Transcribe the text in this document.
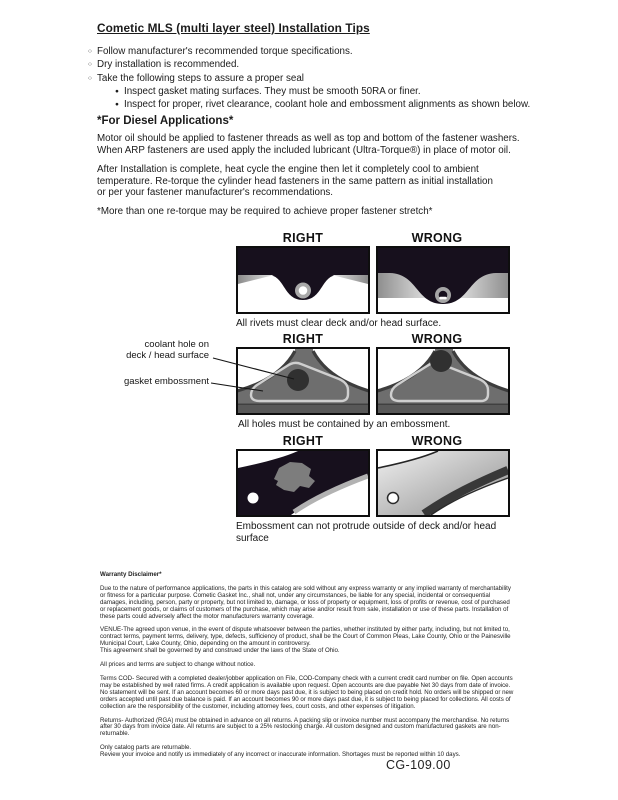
Cometic MLS (multi layer steel) Installation Tips
○ Follow manufacturer's recommended torque specifications.
○ Dry installation is recommended.
○ Take the following steps to assure a proper seal
● Inspect gasket mating surfaces. They must be smooth 50RA or finer.
● Inspect for proper, rivet clearance, coolant hole and embossment alignments as shown below.
*For Diesel Applications*

Motor oil should be applied to fastener threads as well as top and bottom of the fastener washers.

When ARP fasteners are used apply the included lubricant (Ultra-Torque®) in place of motor oil.

After Installation is complete, heat cycle the engine then let it completely cool to ambient

temperature. Re-torque the cylinder head fasteners in the same pattern as initial installation

or per your fastener manufacturer's recommendations.

*More than one re-torque may be required to achieve proper fastener stretch*

RIGHT	WRONG
All rivets must clear deck and/or head surface.
coolant hole on
deck / head surface
gasket embossment
RIGHT	WRONG
All holes must be contained by an embossment.
RIGHT	WRONG
Embossment can not protrude outside of deck and/or head surface
Warranty Disclaimer*

Due to the nature of performance applications, the parts in this catalog are sold without any express warranty or any implied warranty of merchantability or fitness for a particular purpose. Cometic Gasket Inc., shall not, under any circumstances, be liable for any special, incidental or consequential damages, including, person, party or property, but not limited to, damage, or loss of property or equipment, loss of profits or revenue, cost of purchased or replacement goods, or claims of customers of the purchase, which may arise and/or result from sale, installation or use of these parts. Installation of these parts could adversely affect the motor manufacturers warranty coverage.

VENUE-The agreed upon venue, in the event of dispute whatsoever between the parties, whether instituted by either party, including, but not limited to, contract terms, payment terms, delivery, type, defects, sufficiency of product, shall be the Court of Common Pleas, Lake County, Ohio or the Painesville Municipal Court, Lake County, Ohio, depending on the amount in controversy.

This agreement shall be governed by and construed under the laws of the State of Ohio.

All prices and terms are subject to change without notice.

Terms COD- Secured with a completed dealer/jobber application on File, COD-Company check with a current credit card number on file. Open accounts may be established by well rated firms. A credit application is available upon request. Open accounts are due payable Net 30 days from date of invoice. No statement will be sent. If an account becomes 60 or more days past due, it is subject to being placed on credit hold. No orders will be shipped or new orders accepted until past due balance is paid. If an account becomes 90 or more days past due, it is subject to being placed for collections. All costs of collection are the responsibility of the customer, including attorney fees, court costs, and other expenses of litigation.

Returns- Authorized (RGA) must be obtained in advance on all returns. A packing slip or invoice number must accompany the merchandise. No returns after 30 days from invoice date. All returns are subject to a 25% restocking charge. All custom designed and custom manufactured gaskets are non-returnable.

Only catalog parts are returnable.

Review your invoice and notify us immediately of any incorrect or inaccurate information. Shortages must be reported within 10 days.

CG-109.00
